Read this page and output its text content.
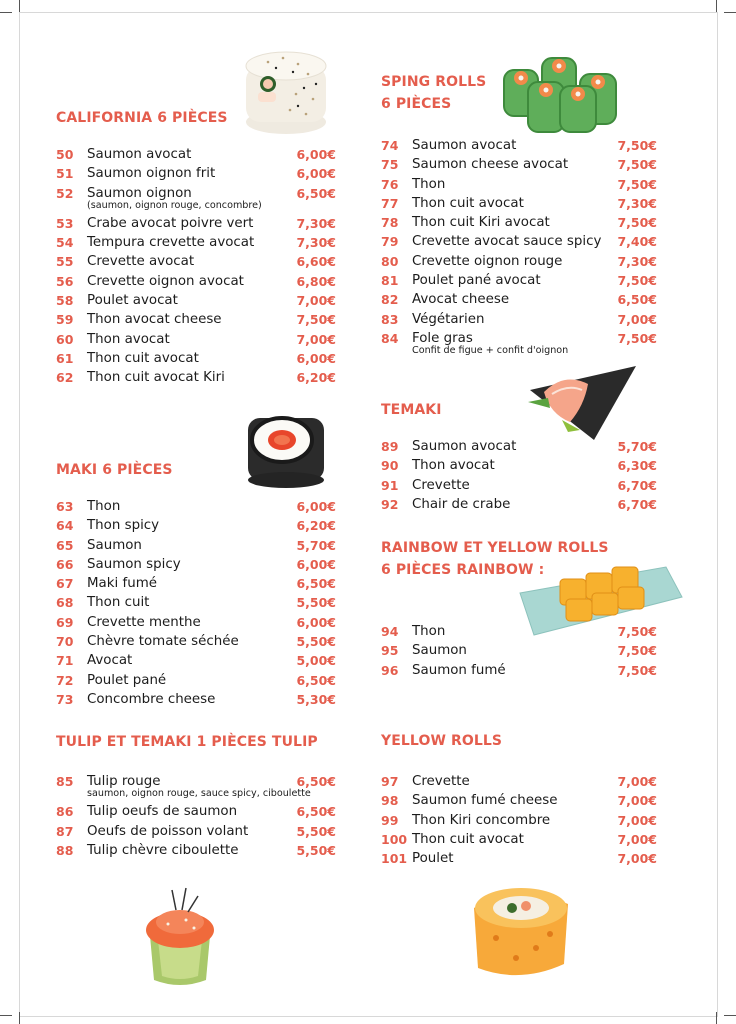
CALIFORNIA 6 PIÈCES
50 Saumon avocat	6,00€
51 Saumon oignon frit	6,00€
52 Saumon oignon	6,50€
(saumon, oignon rouge, concombre)
53 Crabe avocat poivre vert	7,30€
54 Tempura crevette avocat	7,30€
55 Crevette avocat	6,60€
56 Crevette oignon avocat	6,80€
58 Poulet avocat	7,00€
59 Thon avocat cheese	7,50€
60 Thon avocat	7,00€
61 Thon cuit avocat	6,00€
62 Thon cuit avocat Kiri	6,20€
MAKI 6 PIÈCES
63 Thon	6,00€
64 Thon spicy	6,20€
65 Saumon	5,70€
66 Saumon spicy	6,00€
67 Maki fumé	6,50€
68 Thon cuit	5,50€
69 Crevette menthe	6,00€
70 Chèvre tomate séchée	5,50€
71 Avocat	5,00€
72 Poulet pané	6,50€
73 Concombre cheese	5,30€
TULIP ET TEMAKI 1 PIÈCES TULIP
85 Tulip rouge	6,50€
saumon, oignon rouge, sauce spicy, ciboulette
86 Tulip oeufs de saumon	6,50€
87 Oeufs de poisson volant	5,50€
88 Tulip chèvre ciboulette	5,50€
SPING ROLLS
6 PIÈCES
74 Saumon avocat	7,50€
75 Saumon cheese avocat	7,50€
76 Thon	7,50€
77 Thon cuit avocat	7,30€
78 Thon cuit Kiri avocat	7,50€
79 Crevette avocat sauce spicy 7,40€
80 Crevette oignon rouge	7,30€
81 Poulet pané avocat	7,50€
82 Avocat cheese	6,50€
83 Végétarien	7,00€
84 Fole gras	7,50€
Confit de figue + confit d'oignon
TEMAKI
89 Saumon avocat	5,70€
90 Thon avocat	6,30€
91 Crevette	6,70€
92 Chair de crabe	6,70€
RAINBOW ET YELLOW ROLLS
6 PIÈCES RAINBOW :
94 Thon	7,50€
95 Saumon	7,50€
96 Saumon fumé	7,50€
YELLOW ROLLS
97 Crevette	7,00€
98 Saumon fumé cheese	7,00€
99 Thon Kiri concombre	7,00€
100 Thon cuit avocat	7,00€
101 Poulet	7,00€
